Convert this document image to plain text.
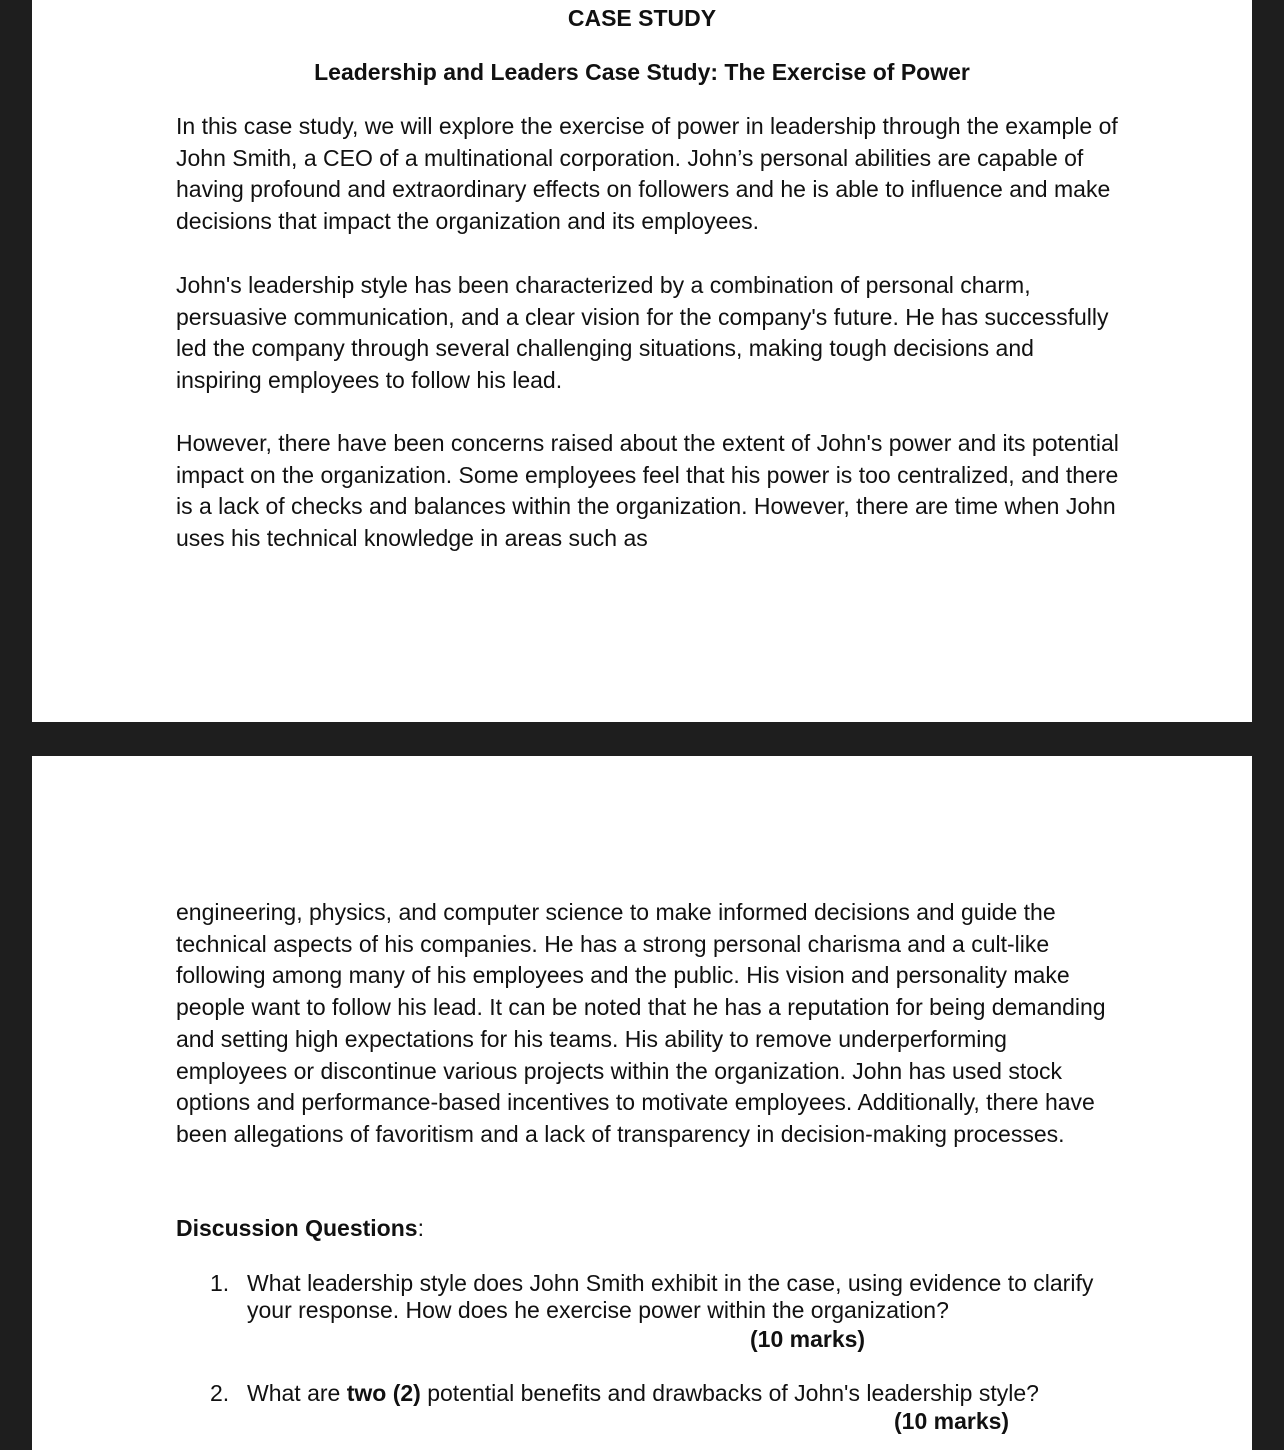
CASE STUDY

Leadership and Leaders Case Study: The Exercise of Power

In this case study, we will explore the exercise of power in leadership through the example of John Smith, a CEO of a multinational corporation. John’s personal abilities are capable of having profound and extraordinary effects on followers and he is able to influence and make decisions that impact the organization and its employees.

John's leadership style has been characterized by a combination of personal charm, persuasive communication, and a clear vision for the company's future. He has successfully led the company through several challenging situations, making tough decisions and inspiring employees to follow his lead.

However, there have been concerns raised about the extent of John's power and its potential impact on the organization. Some employees feel that his power is too centralized, and there is a lack of checks and balances within the organization. However, there are time when John uses his technical knowledge in areas such as

engineering, physics, and computer science to make informed decisions and guide the technical aspects of his companies. He has a strong personal charisma and a cult-like following among many of his employees and the public. His vision and personality make people want to follow his lead. It can be noted that he has a reputation for being demanding and setting high expectations for his teams. His ability to remove underperforming employees or discontinue various projects within the organization. John has used stock options and performance-based incentives to motivate employees. Additionally, there have been allegations of favoritism and a lack of transparency in decision-making processes.

Discussion Questions:

1. What leadership style does John Smith exhibit in the case, using evidence to clarify your response. How does he exercise power within the organization?
(10 marks)
2. What are two (2) potential benefits and drawbacks of John's leadership style?
(10 marks)
